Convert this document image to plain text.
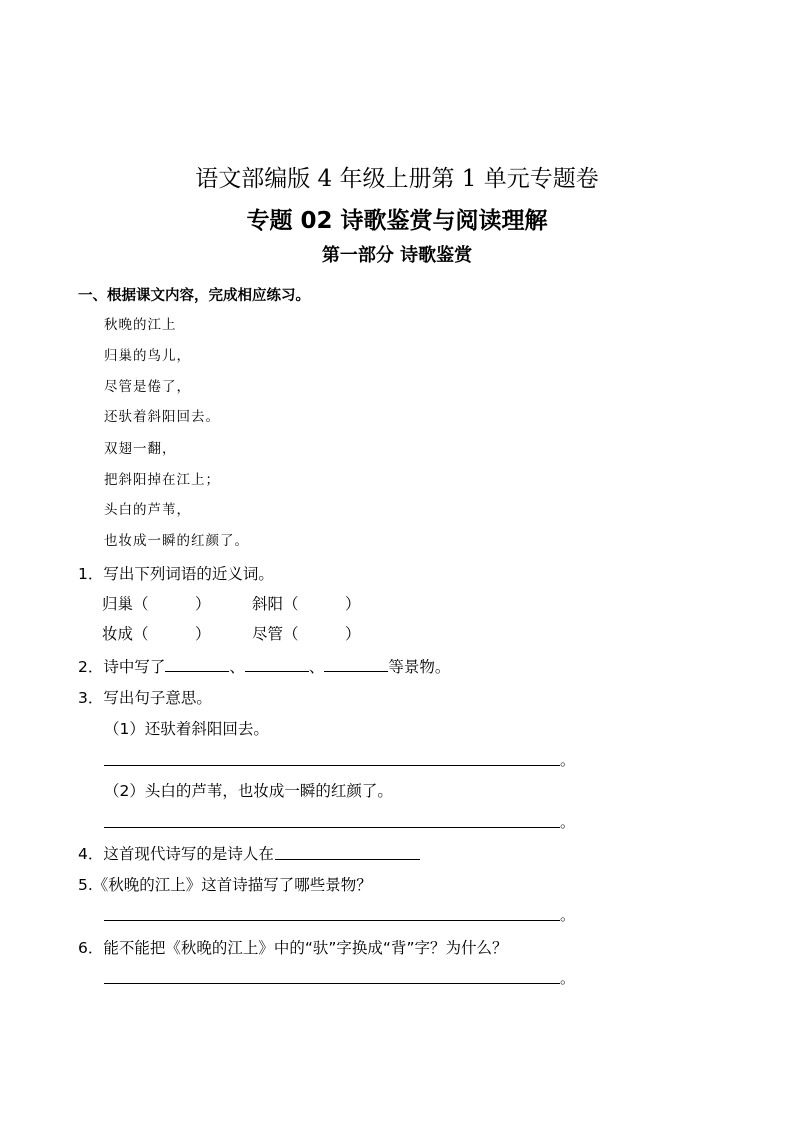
语文部编版 4 年级上册第 1 单元专题卷
专题 02 诗歌鉴赏与阅读理解
第一部分 诗歌鉴赏
一、根据课文内容，完成相应练习。
秋晚的江上
归巢的鸟儿，
尽管是倦了，
还驮着斜阳回去。
双翅一翻，
把斜阳掉在江上；
头白的芦苇，
也妆成一瞬的红颜了。
1．写出下列词语的近义词。
归巢（　　　）	斜阳（　　　）
妆成（　　　）	尽管（　　　）
2．诗中写了	、	、	等景物。
3．写出句子意思。
（1）还驮着斜阳回去。
。
（2）头白的芦苇，也妆成一瞬的红颜了。
。
4．这首现代诗写的是诗人在
5.《秋晚的江上》这首诗描写了哪些景物？
。
6．能不能把《秋晚的江上》中的“驮”字换成“背”字？为什么？
。
